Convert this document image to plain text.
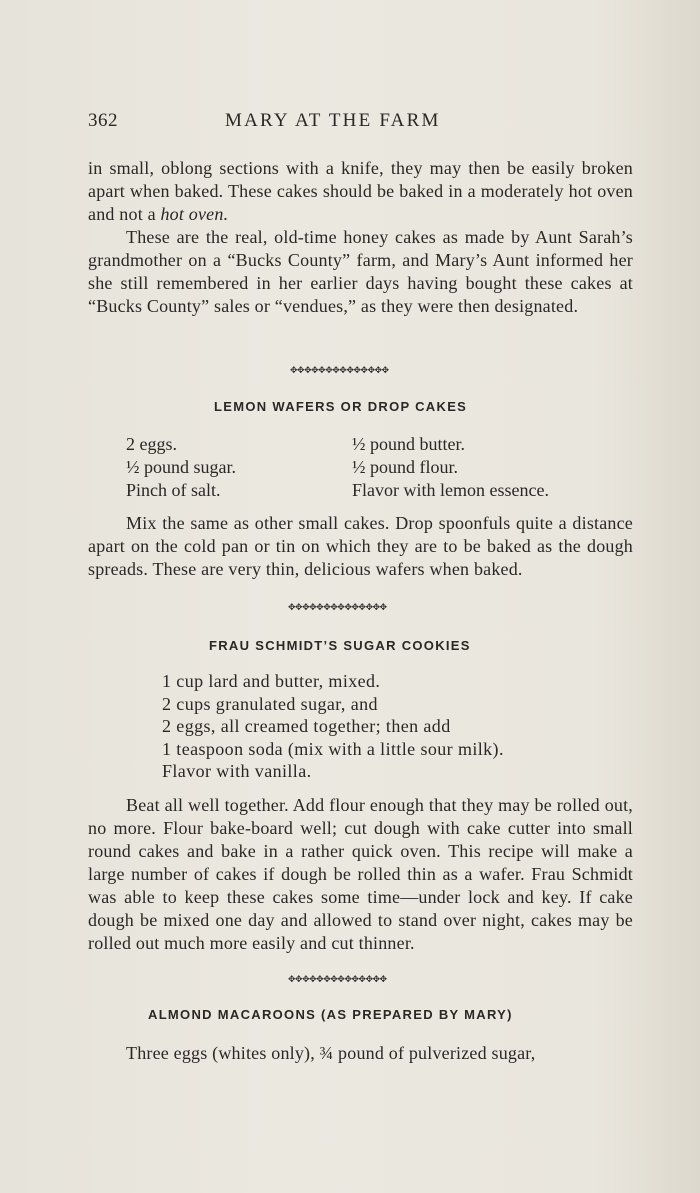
362	MARY AT THE FARM

in small, oblong sections with a knife, they may then be easily broken apart when baked. These cakes should be baked in a moderately hot oven and not a hot oven.

These are the real, old-time honey cakes as made by Aunt Sarah’s grandmother on a “Bucks County” farm, and Mary’s Aunt informed her she still remembered in her earlier days having bought these cakes at “Bucks County” sales or “vendues,” as they were then designated.

✥✥✥✥✥✥✥✥✥✥✥✥✥✥
LEMON WAFERS OR DROP CAKES
2 eggs.
½ pound sugar.
Pinch of salt.
½ pound butter.
½ pound flour.
Flavor with lemon essence.

Mix the same as other small cakes. Drop spoonfuls quite a distance apart on the cold pan or tin on which they are to be baked as the dough spreads. These are very thin, delicious wafers when baked.

✥✥✥✥✥✥✥✥✥✥✥✥✥✥
FRAU SCHMIDT’S SUGAR COOKIES
1 cup lard and butter, mixed.
2 cups granulated sugar, and
2 eggs, all creamed together; then add
1 teaspoon soda (mix with a little sour milk).
Flavor with vanilla.

Beat all well together. Add flour enough that they may be rolled out, no more. Flour bake-board well; cut dough with cake cutter into small round cakes and bake in a rather quick oven. This recipe will make a large number of cakes if dough be rolled thin as a wafer. Frau Schmidt was able to keep these cakes some time—under lock and key. If cake dough be mixed one day and allowed to stand over night, cakes may be rolled out much more easily and cut thinner.

✥✥✥✥✥✥✥✥✥✥✥✥✥✥
ALMOND MACAROONS (AS PREPARED BY MARY)

Three eggs (whites only), ¾ pound of pulverized sugar,
